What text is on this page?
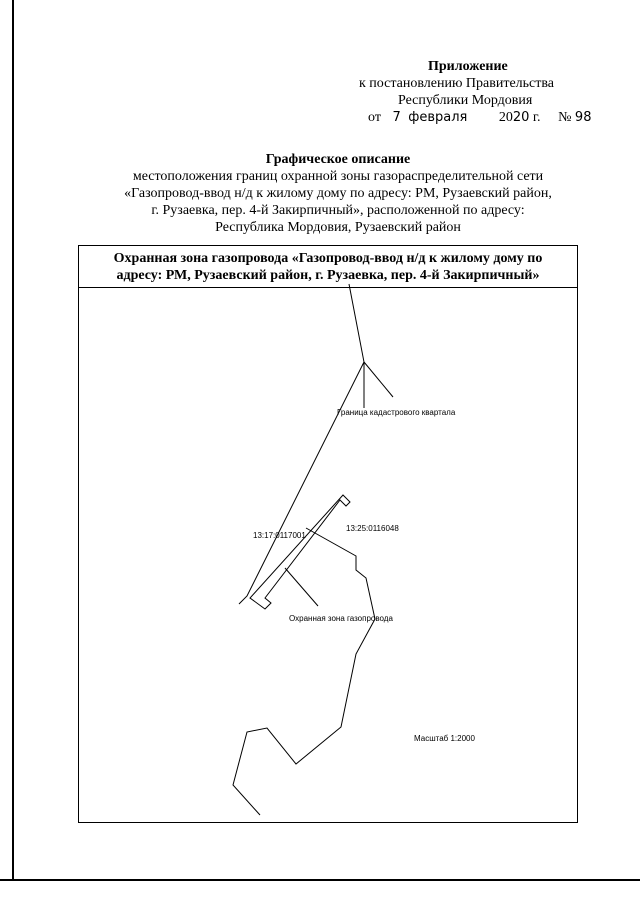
Приложение
к постановлению Правительства
Республики Мордовия
от 7 февраля 2020 г. № 98
Графическое описание
местоположения границ охранной зоны газораспределительной сети
«Газопровод-ввод н/д к жилому дому по адресу: РМ, Рузаевский район,
г. Рузаевка, пер. 4-й Закирпичный», расположенной по адресу:
Республика Мордовия, Рузаевский район
Охранная зона газопровода «Газопровод-ввод н/д к жилому дому по
адресу: РМ, Рузаевский район, г. Рузаевка, пер. 4-й Закирпичный»
Граница кадастрового квартала
13:17:0117001
13:25:0116048
Охранная зона газопровода
Масштаб 1:2000
